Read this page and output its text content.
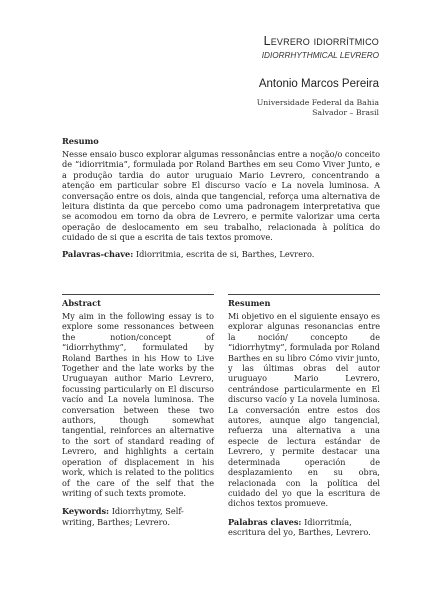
Levrero idiorrítmico
IDIORRHYTHMICAL LEVRERO
Antonio Marcos Pereira
Universidade Federal da Bahia
Salvador – Brasil
Resumo
Nesse ensaio busco explorar algumas ressonâncias entre a noção/o conceito de “idiorritmia”, formulada por Roland Barthes em seu Como Viver Junto, e a produção tardia do autor uruguaio Mario Levrero, concentrando a atenção em particular sobre El discurso vacío e La novela luminosa. A conversação entre os dois, ainda que tangencial, reforça uma alternativa de leitura distinta da que percebo como uma padronagem interpretativa que se acomodou em torno da obra de Levrero, e permite valorizar uma certa operação de deslocamento em seu trabalho, relacionada à política do cuidado de si que a escrita de tais textos promove.
Palavras-chave: Idiorritmia, escrita de si, Barthes, Levrero.
Abstract
My aim in the following essay is to explore some ressonances between the notion/concept of “idiorrhythmy”, formulated by Roland Barthes in his How to Live Together and the late works by the Uruguayan author Mario Levrero, focussing particularly on El discurso vacío and La novela luminosa. The conversation between these two authors, though somewhat tangential, reinforces an alternative to the sort of standard reading of Levrero, and highlights a certain operation of displacement in his work, which is related to the politics of the care of the self that the writing of such texts promote.
Keywords: Idiorrhytmy, Self-writing, Barthes; Levrero.
Resumen
Mi objetivo en el siguiente ensayo es explorar algunas resonancias entre la noción/ concepto de “idiorrhytmy”, formulada por Roland Barthes en su libro Cómo vivir junto, y las últimas obras del autor uruguayo Mario Levrero, centrándose particularmente en El discurso vacío y La novela luminosa. La conversación entre estos dos autores, aunque algo tangencial, refuerza una alternativa a una especie de lectura estándar de Levrero, y permite destacar una determinada operación de desplazamiento en su obra, relacionada con la política del cuidado del yo que la escritura de dichos textos promueve.
Palabras claves: Idiorritmía, escritura del yo, Barthes, Levrero.
